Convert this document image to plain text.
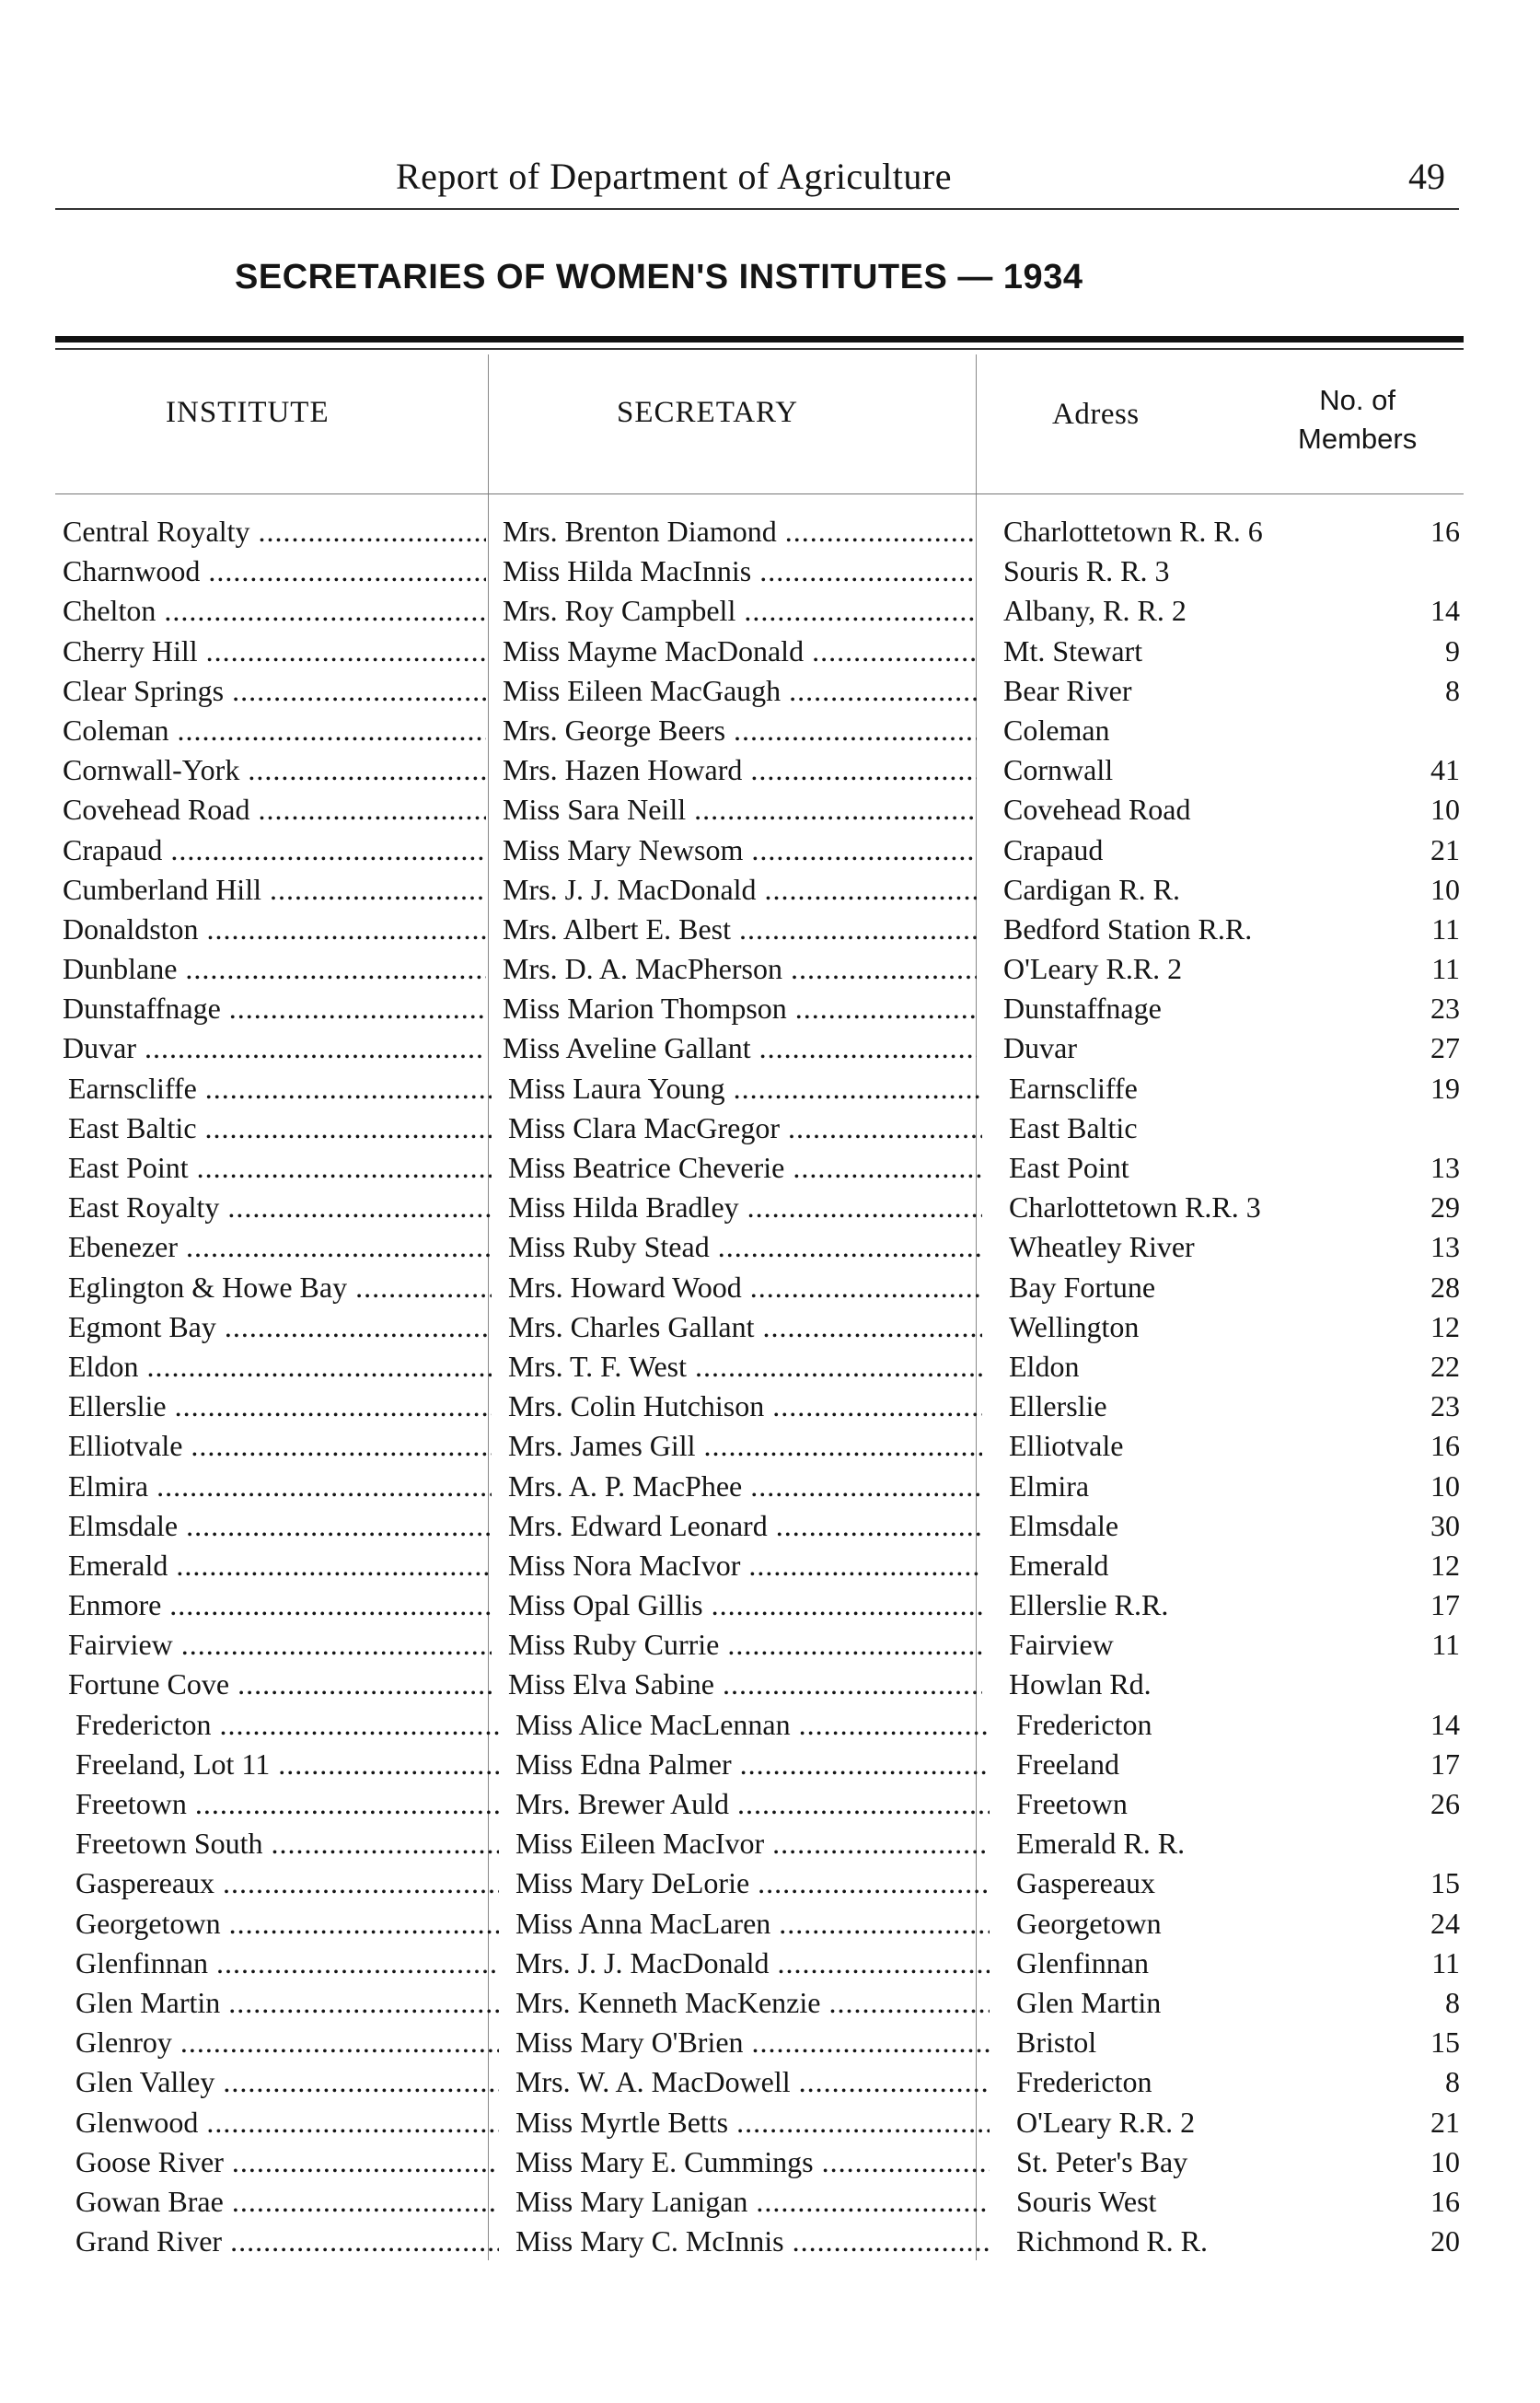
Report of Department of Agriculture	49
SECRETARIES OF WOMEN'S INSTITUTES — 1934
INSTITUTE	SECRETARY	Adress	No. of
Members
Central Royalty .....	Mrs. Brenton Diamond .....	Charlottetown R. R. 6	16
Charnwood .....	Miss Hilda MacInnis .....	Souris R. R. 3
Chelton .....	Mrs. Roy Campbell .....	Albany, R. R. 2	14
Cherry Hill .....	Miss Mayme MacDonald .....	Mt. Stewart	9
Clear Springs .....	Miss Eileen MacGaugh .....	Bear River	8
Coleman .....	Mrs. George Beers .....	Coleman
Cornwall-York .....	Mrs. Hazen Howard .....	Cornwall	41
Covehead Road .....	Miss Sara Neill .....	Covehead Road	10
Crapaud .....	Miss Mary Newsom .....	Crapaud	21
Cumberland Hill .....	Mrs. J. J. MacDonald .....	Cardigan R. R.	10
Donaldston .....	Mrs. Albert E. Best .....	Bedford Station R.R.	11
Dunblane .....	Mrs. D. A. MacPherson .....	O'Leary R.R. 2	11
Dunstaffnage .....	Miss Marion Thompson .....	Dunstaffnage	23
Duvar .....	Miss Aveline Gallant .....	Duvar	27
Earnscliffe .....	Miss Laura Young .....	Earnscliffe	19
East Baltic .....	Miss Clara MacGregor .....	East Baltic
East Point .....	Miss Beatrice Cheverie .....	East Point	13
East Royalty .....	Miss Hilda Bradley .....	Charlottetown R.R. 3	29
Ebenezer .....	Miss Ruby Stead .....	Wheatley River	13
Eglington & Howe Bay .....	Mrs. Howard Wood .....	Bay Fortune	28
Egmont Bay .....	Mrs. Charles Gallant .....	Wellington	12
Eldon .....	Mrs. T. F. West .....	Eldon	22
Ellerslie .....	Mrs. Colin Hutchison .....	Ellerslie	23
Elliotvale .....	Mrs. James Gill .....	Elliotvale	16
Elmira .....	Mrs. A. P. MacPhee .....	Elmira	10
Elmsdale .....	Mrs. Edward Leonard .....	Elmsdale	30
Emerald .....	Miss Nora MacIvor .....	Emerald	12
Enmore .....	Miss Opal Gillis .....	Ellerslie R.R.	17
Fairview .....	Miss Ruby Currie .....	Fairview	11
Fortune Cove .....	Miss Elva Sabine .....	Howlan Rd.
Fredericton .....	Miss Alice MacLennan .....	Fredericton	14
Freeland, Lot 11 .....	Miss Edna Palmer .....	Freeland	17
Freetown .....	Mrs. Brewer Auld .....	Freetown	26
Freetown South .....	Miss Eileen MacIvor .....	Emerald R. R.
Gaspereaux .....	Miss Mary DeLorie .....	Gaspereaux	15
Georgetown .....	Miss Anna MacLaren .....	Georgetown	24
Glenfinnan .....	Mrs. J. J. MacDonald .....	Glenfinnan	11
Glen Martin .....	Mrs. Kenneth MacKenzie .....	Glen Martin	8
Glenroy .....	Miss Mary O'Brien .....	Bristol	15
Glen Valley .....	Mrs. W. A. MacDowell .....	Fredericton	8
Glenwood .....	Miss Myrtle Betts .....	O'Leary R.R. 2	21
Goose River .....	Miss Mary E. Cummings .....	St. Peter's Bay	10
Gowan Brae .....	Miss Mary Lanigan .....	Souris West	16
Grand River .....	Miss Mary C. McInnis .....	Richmond R. R.	20
